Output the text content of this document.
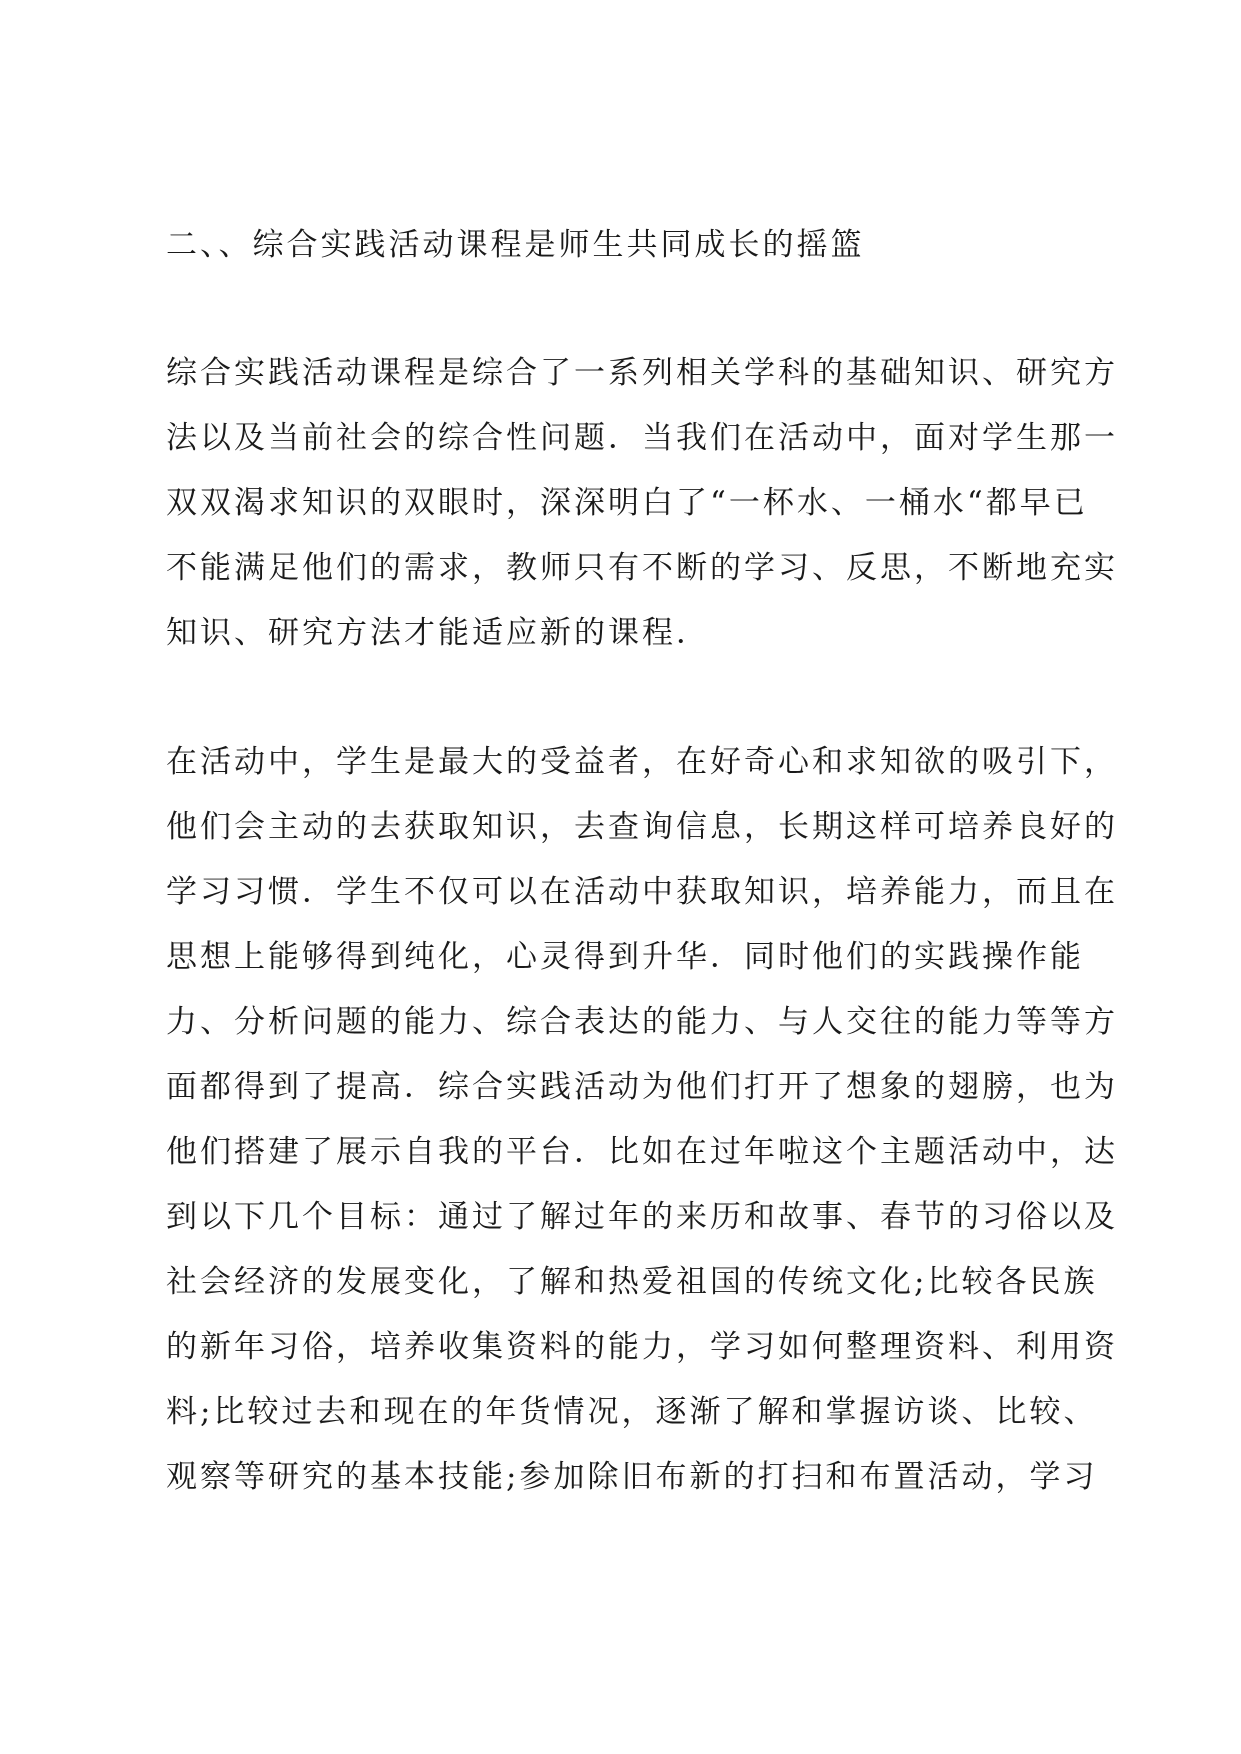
二、、综合实践活动课程是师生共同成长的摇篮
综合实践活动课程是综合了一系列相关学科的基础知识、研究方
法以及当前社会的综合性问题．当我们在活动中，面对学生那一
双双渴求知识的双眼时，深深明白了“一杯水、一桶水“都早已
不能满足他们的需求，教师只有不断的学习、反思，不断地充实
知识、研究方法才能适应新的课程．
在活动中，学生是最大的受益者，在好奇心和求知欲的吸引下，
他们会主动的去获取知识，去查询信息，长期这样可培养良好的
学习习惯．学生不仅可以在活动中获取知识，培养能力，而且在
思想上能够得到纯化，心灵得到升华．同时他们的实践操作能
力、分析问题的能力、综合表达的能力、与人交往的能力等等方
面都得到了提高．综合实践活动为他们打开了想象的翅膀，也为
他们搭建了展示自我的平台．比如在过年啦这个主题活动中，达
到以下几个目标：通过了解过年的来历和故事、春节的习俗以及
社会经济的发展变化，了解和热爱祖国的传统文化;比较各民族
的新年习俗，培养收集资料的能力，学习如何整理资料、利用资
料;比较过去和现在的年货情况，逐渐了解和掌握访谈、比较、
观察等研究的基本技能;参加除旧布新的打扫和布置活动，学习
